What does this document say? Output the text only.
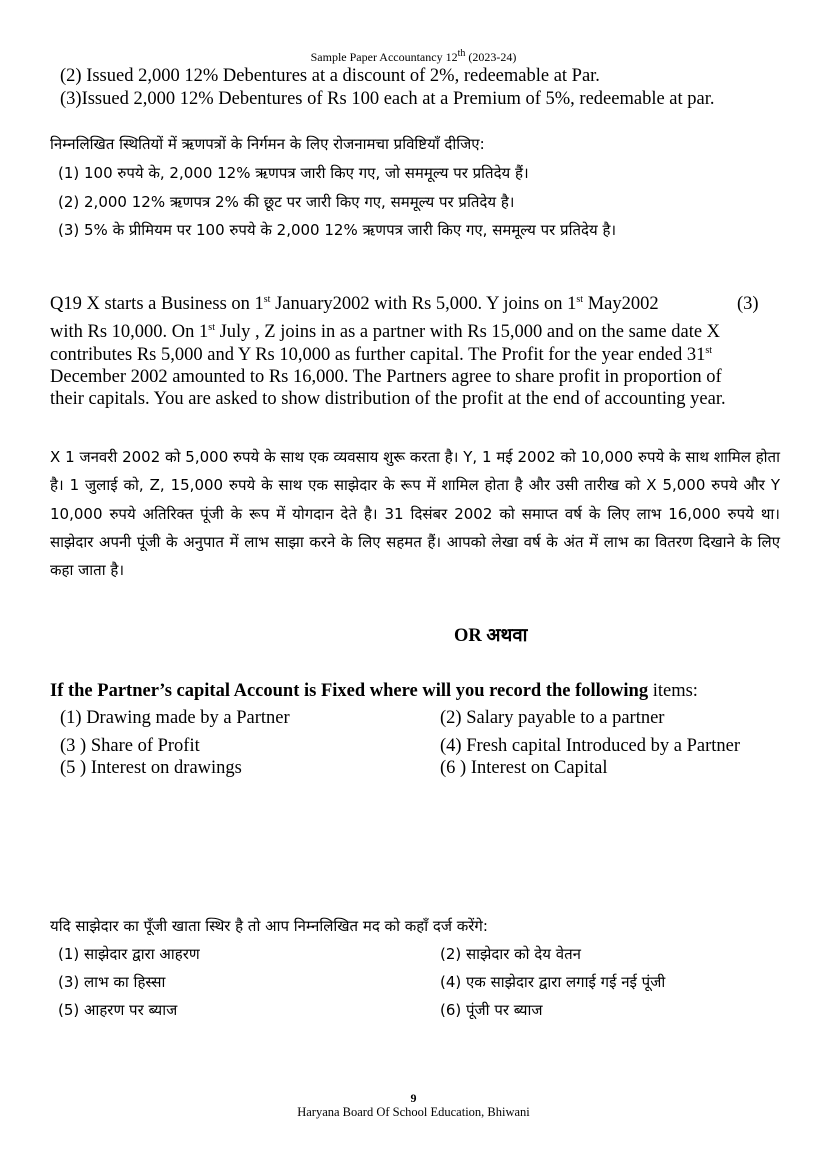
Sample Paper Accountancy 12th (2023-24)
(2) Issued 2,000 12% Debentures at a discount of 2%, redeemable at Par.
(3)Issued 2,000 12% Debentures of Rs 100 each at a Premium of 5%, redeemable at par.
निम्नलिखित स्थितियों में ऋणपत्रों के निर्गमन के लिए रोजनामचा प्रविष्टियाँ दीजिए:
(1) 100 रुपये के, 2,000 12% ऋणपत्र जारी किए गए, जो सममूल्य पर प्रतिदेय हैं।
(2) 2,000 12% ऋणपत्र 2% की छूट पर जारी किए गए, सममूल्य पर प्रतिदेय है।
(3) 5% के प्रीमियम पर 100 रुपये के 2,000 12% ऋणपत्र जारी किए गए, सममूल्य पर प्रतिदेय है।
Q19 X starts a Business on 1st January2002 with Rs 5,000. Y joins on 1st May2002	(3)
with Rs 10,000. On 1st July , Z joins in as a partner with Rs 15,000 and on the same date X
contributes Rs 5,000 and Y Rs 10,000 as further capital. The Profit for the year ended 31st
December 2002 amounted to Rs 16,000. The Partners agree to share profit in proportion of
their capitals. You are asked to show distribution of the profit at the end of accounting year.
X 1 जनवरी 2002 को 5,000 रुपये के साथ एक व्यवसाय शुरू करता है। Y, 1 मई 2002 को 10,000 रुपये के साथ शामिल होता है। 1 जुलाई को, Z, 15,000 रुपये के साथ एक साझेदार के रूप में शामिल होता है और उसी तारीख को X 5,000 रुपये और Y 10,000 रुपये अतिरिक्त पूंजी के रूप में योगदान देते है। 31 दिसंबर 2002 को समाप्त वर्ष के लिए लाभ 16,000 रुपये था। साझेदार अपनी पूंजी के अनुपात में लाभ साझा करने के लिए सहमत हैं। आपको लेखा वर्ष के अंत में लाभ का वितरण दिखाने के लिए कहा जाता है।
OR अथवा
If the Partner’s capital Account is Fixed where will you record the following items:
(1) Drawing made by a Partner	(2) Salary payable to a partner
(3 ) Share of Profit	(4) Fresh capital Introduced by a Partner
(5 ) Interest on drawings	(6 ) Interest on Capital
यदि साझेदार का पूँजी खाता स्थिर है तो आप निम्नलिखित मद को कहाँ दर्ज करेंगे:
(1) साझेदार द्वारा आहरण	(2) साझेदार को देय वेतन
(3) लाभ का हिस्सा	(4) एक साझेदार द्वारा लगाई गई नई पूंजी
(5) आहरण पर ब्याज	(6) पूंजी पर ब्याज
9
Haryana Board Of School Education, Bhiwani
